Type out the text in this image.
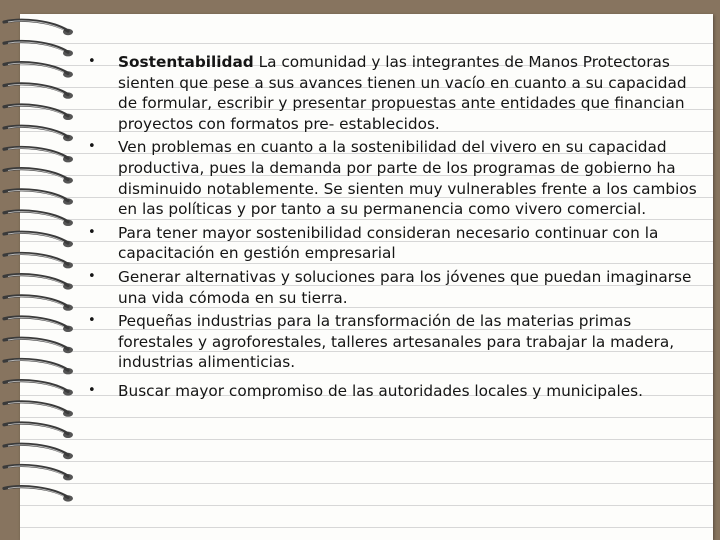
• Sostentabilidad La comunidad y las integrantes de Manos Protectoras sienten que pese a sus avances tienen un vacío en cuanto a su capacidad de formular, escribir y presentar propuestas ante entidades que financian proyectos con formatos pre- establecidos.
• Ven problemas en cuanto a la sostenibilidad del vivero en su capacidad productiva, pues la demanda por parte de los programas de gobierno ha disminuido notablemente. Se sienten muy vulnerables frente a los cambios en las políticas y por tanto a su permanencia como vivero comercial.
• Para tener mayor sostenibilidad consideran necesario continuar con la capacitación en gestión empresarial
• Generar alternativas y soluciones para los jóvenes que puedan imaginarse una vida cómoda en su tierra.
• Pequeñas industrias para la transformación de las materias primas forestales y agroforestales, talleres artesanales para trabajar la madera, industrias alimenticias.
• Buscar mayor compromiso de las autoridades locales y municipales.
